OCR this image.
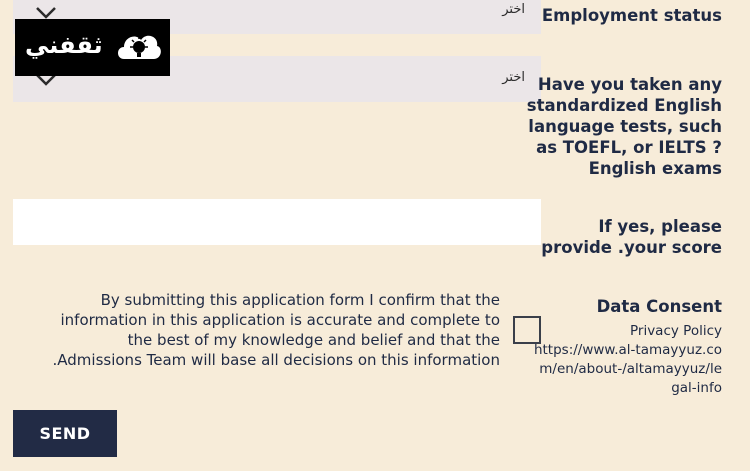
اختر	Employment status
اختر Have you taken any standardized English language tests, such as TOEFL, or IELTS ?English exams
If yes, please provide .your score
By submitting this application form I confirm that the information in this application is accurate and complete to the best of my knowledge and belief and that the .Admissions Team will base all decisions on this information
Data Consent
Privacy Policy
https://www.al-tamayyuz.com/en/about-/altamayyuz/legal-info
SEND
ثقفني
